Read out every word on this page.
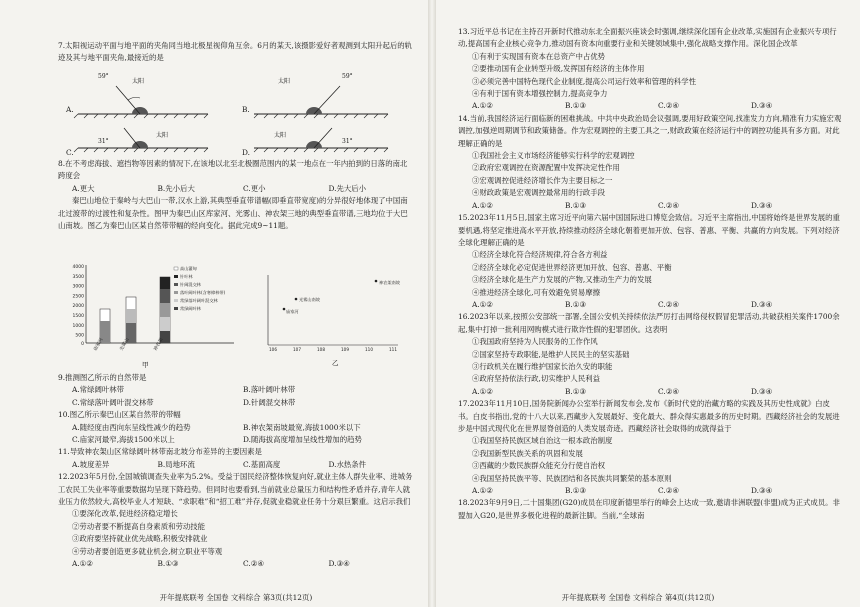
7.太阳视运动平面与地平面的夹角同当地北极星视仰角互余。6月的某天,该摄影爱好者观测到太阳升起后的轨迹及其与地平面夹角,最接近的是

59°
太阳
A.
59°
太阳
B.
31°
太阳
C.
31°
太阳
D.

8.在不考虑海拔、遮挡物等因素的情况下,在该地以北至北极圈范围内的某一地点在一年内拍到的日落的南北跨度会

A.更大	B.先小后大	C.更小	D.先大后小

秦巴山地位于秦岭与大巴山一带,汉水上游,其典型垂直带谱幅(即垂直带宽度)的分异很好地体现了中国南北过渡带的过渡性和复杂性。图甲为秦巴山区库家河、光雾山、神农架三地的典型垂直带谱,三地均位于大巴山南坡。图乙为秦巴山区某自然带带幅的经向变化。据此完成9~11题。

4000
3500
3000
2500
2000
1500
1000
500
0
高山灌甸
针叶林
针阔混交林
落叶阔叶林(含寒樟林带)
常绿落叶阔叶混交林
常绿阔叶林
庙家河	光雾山	神农架
甲
106	107	108	109	110	111
神农架南坡
光雾山南坡
庙家河
乙

9.推测图乙所示的自然带是

A.常绿阔叶林带	B.落叶阔叶林带
C.常绿落叶阔叶混交林带	D.针阔混交林带

10.图乙所示秦巴山区某自然带的带幅

A.随经度由西向东呈线性减少的趋势	B.神农架南坡最宽,海拔1000米以下
C.庙家河最窄,海拔1500米以上	D.随海拔高度增加呈线性增加的趋势

11.导致神农架山区常绿阔叶林带南北坡分布差异的主要因素是

A.坡度差异	B.局地环流	C.基面高度	D.水热条件

12.2023年5月份,全国城镇调查失业率为5.2%。受益于国民经济整体恢复向好,就业主体人群失业率、进城务工农民工失业率等重要数据均呈现下降趋势。但同时也要看到,当前就业总量压力和结构性矛盾并存,青年人就业压力依然较大,高校毕业人才短缺、“求职难”和“招工难”并存,促就业稳就业任务十分艰巨繁重。这启示我们

①要深化改革,促进经济稳定增长

②劳动者要不断提高自身素质和劳动技能

③政府要坚持就业优先战略,积极安排就业

④劳动者要创造更多就业机会,树立职业平等观

A.①②	B.①③	C.②④	D.③④
开年提底联考 全国卷 文科综合 第3页(共12页)

13.习近平总书记在主持召开新时代推动东北全面振兴座谈会时强调,继续深化国有企业改革,实施国有企业振兴专项行动,提高国有企业核心竞争力,推动国有资本向重要行业和关键领域集中,强化战略支撑作用。深化国企改革

①有利于实现国有资本在总资产中占优势

②要推动国有企业转型升级,发挥国有经济的主体作用

③必须完善中国特色现代企业制度,提高公司运行效率和管理的科学性

④有利于国有资本增强控制力,提高竞争力

A.①②	B.①③	C.②④	D.③④

14.当前,我国经济运行面临新的困难挑战。中共中央政治局会议强调,要用好政策空间,找准发力方向,精准有力实施宏观调控,加强逆周期调节和政策储备。作为宏观调控的主要工具之一,财政政策在经济运行中的调控功能具有多方面。对此理解正确的是

①我国社会主义市场经济能够实行科学的宏观调控

②政府宏观调控在资源配置中发挥决定性作用

③宏观调控促进经济增长作为主要目标之一

④财政政策是宏观调控最常用的行政手段

A.①②	B.①③	C.②④	D.③④

15.2023年11月5日,国家主席习近平向第六届中国国际进口博览会致信。习近平主席指出,中国将始终是世界发展的重要机遇,将坚定推进高水平开放,持续推动经济全球化朝着更加开放、包容、普惠、平衡、共赢的方向发展。下列对经济全球化理解正确的是

①经济全球化符合经济规律,符合各方利益

②经济全球化必定促进世界经济更加开放、包容、普惠、平衡

③经济全球化是生产力发展的产物,又推动生产力的发展

④推进经济全球化,可有效避免贸易摩擦

A.①②	B.①③	C.②④	D.③④

16.2023年以来,按照公安部统一部署,全国公安机关持续依法严厉打击网络侵权假冒犯罪活动,共破获相关案件1700余起,集中打掉一批利用网购模式进行欺诈性假的犯罪团伙。这表明

①我国政府坚持为人民服务的工作作风

②国家坚持专政职能,是维护人民民主的坚实基础

③行政机关在履行维护国家长治久安的职能

④政府坚持依法行政,切实维护人民利益

A.①②	B.①③	C.②④	D.③④

17.2023年11月10日,国务院新闻办公室举行新闻发布会,发布《新时代党的治藏方略的实践及其历史性成就》白皮书。白皮书指出,党的十八大以来,西藏步入发展最好、变化最大、群众得实惠最多的历史时期。西藏经济社会的发展进步是中国式现代化在世界屋脊创造的人类发展奇迹。西藏经济社会取得的成就得益于

①我国坚持民族区域自治这一根本政治制度

②我国新型民族关系的巩固和发展

③西藏的少数民族群众能充分行使自治权

④我国坚持民族平等、民族团结和各民族共同繁荣的基本原则

A.①②	B.①③	C.②④	D.③④

18.2023年9月9日,二十国集团(G20)成员在印度新德里举行的峰会上达成一致,邀请非洲联盟(非盟)成为正式成员。非盟加入G20,是世界多极化进程的最新注脚。当前,“全球南

开年提底联考 全国卷 文科综合 第4页(共12页)
